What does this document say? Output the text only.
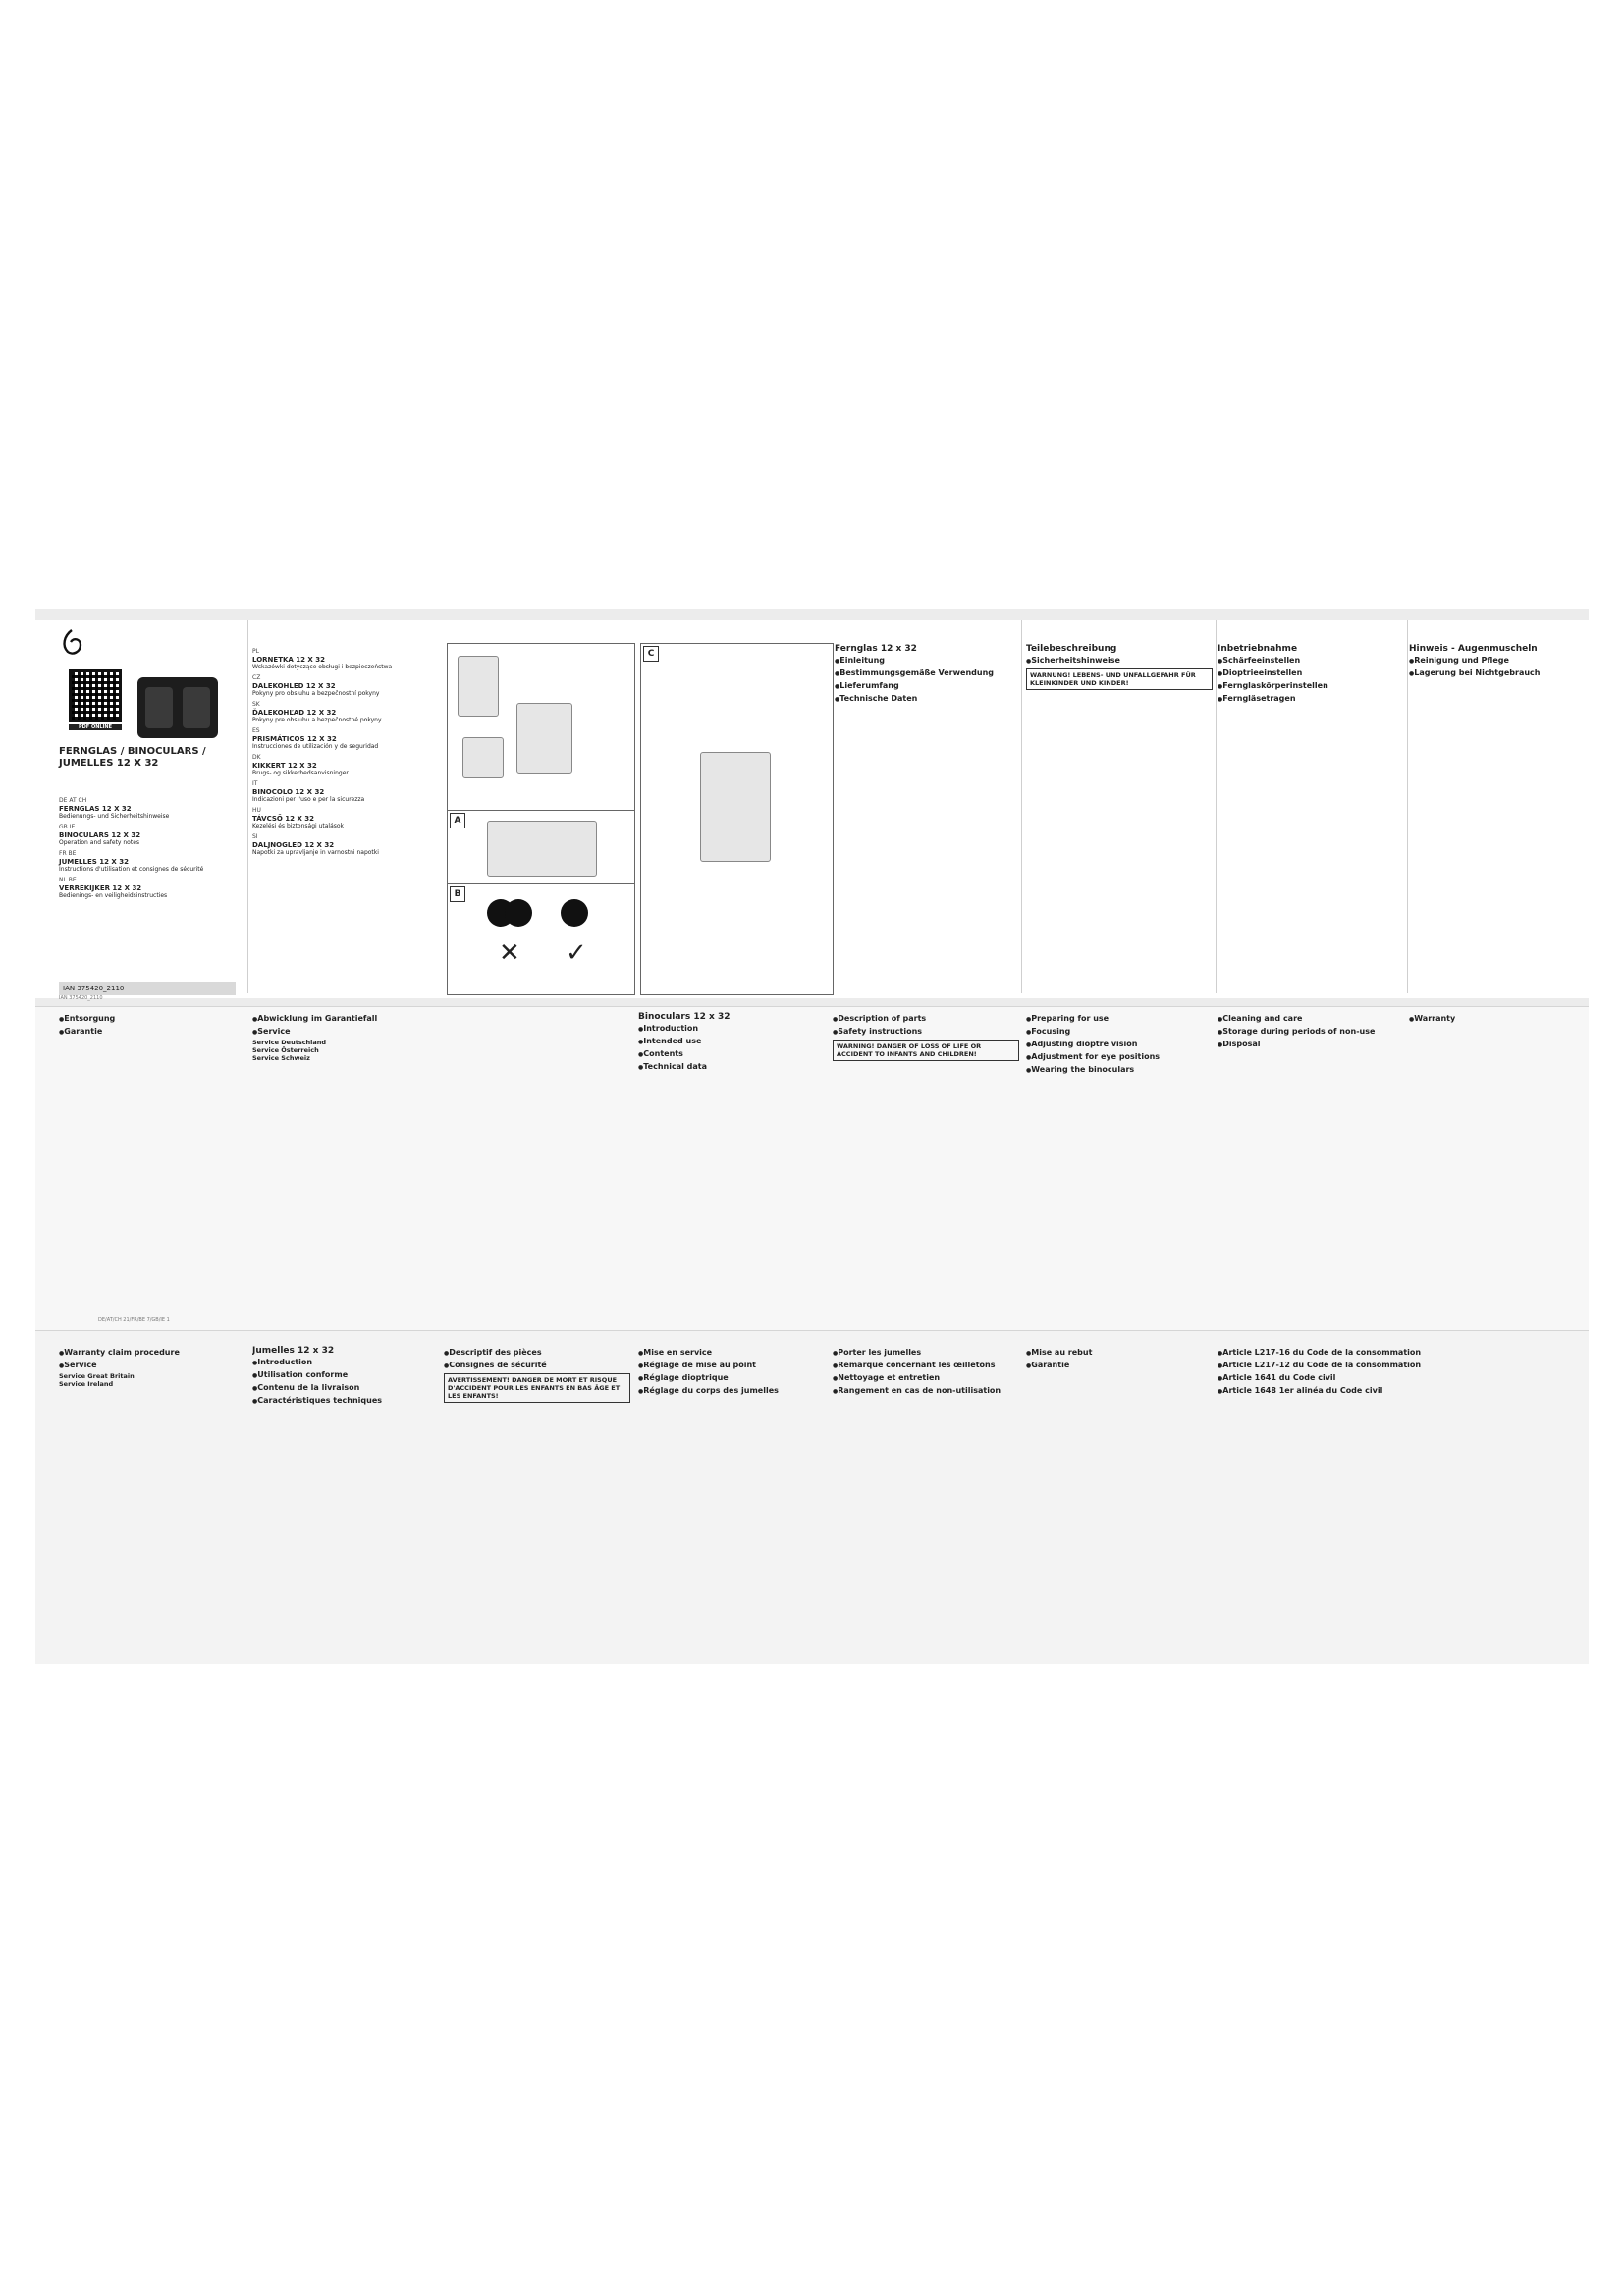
PDF ONLINE
FERNGLAS / BINOCULARS / JUMELLES 12 X 32
DE AT CH
FERNGLAS 12 X 32
Bedienungs- und Sicherheitshinweise
GB IE
BINOCULARS 12 X 32
Operation and safety notes
FR BE
JUMELLES 12 X 32
Instructions d'utilisation et consignes de sécurité
NL BE
VERREKIJKER 12 X 32
Bedienings- en veiligheidsinstructies
IAN 375420_2110
PL
LORNETKA 12 X 32
Wskazówki dotyczące obsługi i bezpieczeństwa
CZ
DALEKOHLED 12 X 32
Pokyny pro obsluhu a bezpečnostní pokyny
SK
ĎALEKOHĽAD 12 X 32
Pokyny pre obsluhu a bezpečnostné pokyny
ES
PRISMÁTICOS 12 X 32
Instrucciones de utilización y de seguridad
DK
KIKKERT 12 X 32
Brugs- og sikkerhedsanvisninger
IT
BINOCOLO 12 X 32
Indicazioni per l'uso e per la sicurezza
HU
TÁVCSŐ 12 X 32
Kezelési és biztonsági utalások
SI
DALJNOGLED 12 X 32
Napotki za upravljanje in varnostni napotki
A
B
✕ ✓
C	Fernglas 12 x 32
● Einleitung
● Bestimmungsgemäße Verwendung
● Lieferumfang
● Technische Daten
Teilebeschreibung
● Sicherheitshinweise
WARNUNG! LEBENS- UND UNFALLGEFAHR FÜR KLEINKINDER UND KINDER!
Inbetriebnahme
● Schärfeeinstellen
● Dioptrieeinstellen
● Fernglaskörperinstellen
● Ferngläsetragen
Hinweis - Augenmuscheln
● Reinigung und Pflege
● Lagerung bei Nichtgebrauch
● Entsorgung
● Garantie
● Abwicklung im Garantiefall
● Service
Service Deutschland
Service Österreich
Service Schweiz
Binoculars 12 x 32
● Introduction
● Intended use
● Contents
● Technical data
● Description of parts
● Safety instructions
WARNING! DANGER OF LOSS OF LIFE OR ACCIDENT TO INFANTS AND CHILDREN!
● Preparing for use
● Focusing
● Adjusting dioptre vision
● Adjustment for eye positions
● Wearing the binoculars
● Cleaning and care
● Storage during periods of non-use
● Disposal
● Warranty
● Warranty claim procedure
● Service
Service Great Britain
Service Ireland
Jumelles 12 x 32
● Introduction
● Utilisation conforme
● Contenu de la livraison
● Caractéristiques techniques
● Descriptif des pièces
● Consignes de sécurité
AVERTISSEMENT! DANGER DE MORT ET RISQUE D'ACCIDENT POUR LES ENFANTS EN BAS ÂGE ET LES ENFANTS!
● Mise en service
● Réglage de mise au point
● Réglage dioptrique
● Réglage du corps des jumelles
● Porter les jumelles
● Remarque concernant les œilletons
● Nettoyage et entretien
● Rangement en cas de non-utilisation
● Mise au rebut
● Garantie
● Article L217-16 du Code de la consommation
● Article L217-12 du Code de la consommation
● Article 1641 du Code civil
● Article 1648 1er alinéa du Code civil
IAN 375420_2110
DE/AT/CH 21/FR/BE 7/GB/IE 1
